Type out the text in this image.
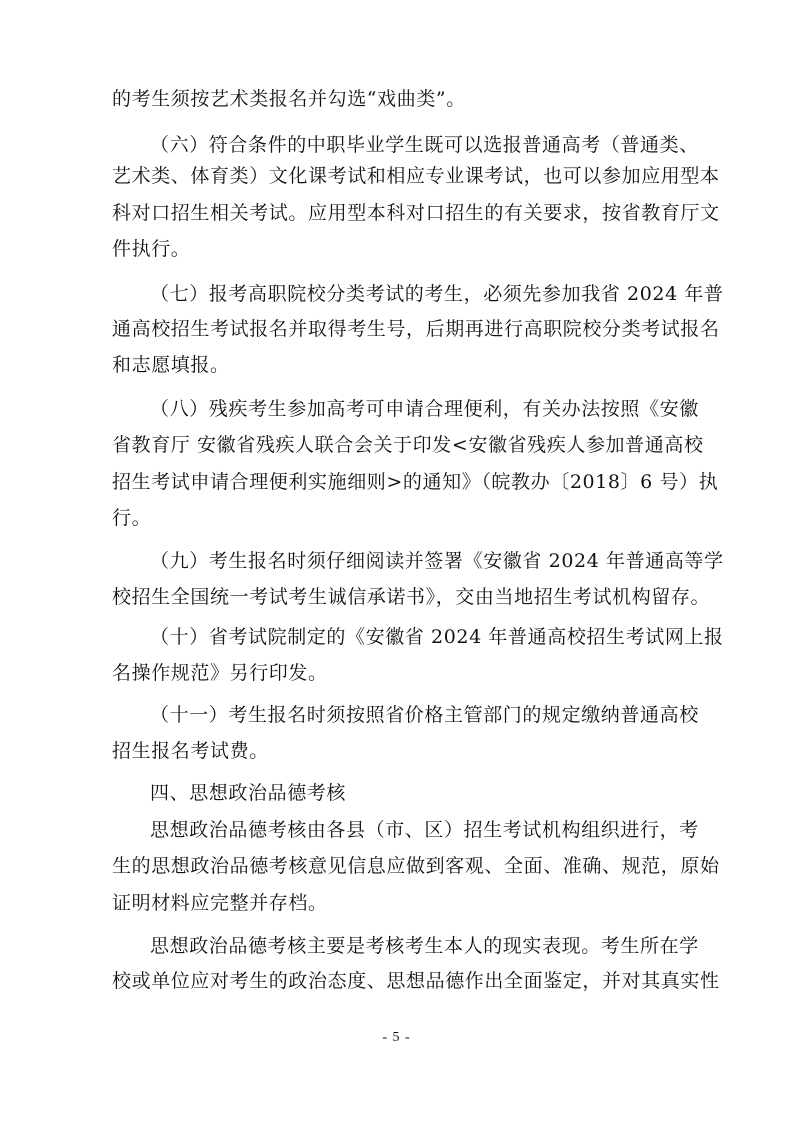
的考生须按艺术类报名并勾选“戏曲类”。
（六）符合条件的中职毕业学生既可以选报普通高考（普通类、
艺术类、体育类）文化课考试和相应专业课考试，也可以参加应用型本
科对口招生相关考试。应用型本科对口招生的有关要求，按省教育厅文
件执行。
（七）报考高职院校分类考试的考生，必须先参加我省 2024 年普
通高校招生考试报名并取得考生号，后期再进行高职院校分类考试报名
和志愿填报。
（八）残疾考生参加高考可申请合理便利，有关办法按照《安徽
省教育厅 安徽省残疾人联合会关于印发<安徽省残疾人参加普通高校
招生考试申请合理便利实施细则>的通知》（皖教办〔2018〕6 号）执
行。
（九）考生报名时须仔细阅读并签署《安徽省 2024 年普通高等学
校招生全国统一考试考生诚信承诺书》，交由当地招生考试机构留存。
（十）省考试院制定的《安徽省 2024 年普通高校招生考试网上报
名操作规范》另行印发。
（十一）考生报名时须按照省价格主管部门的规定缴纳普通高校
招生报名考试费。
四、思想政治品德考核
思想政治品德考核由各县（市、区）招生考试机构组织进行，考
生的思想政治品德考核意见信息应做到客观、全面、准确、规范，原始
证明材料应完整并存档。
思想政治品德考核主要是考核考生本人的现实表现。考生所在学
校或单位应对考生的政治态度、思想品德作出全面鉴定，并对其真实性
- 5 -
